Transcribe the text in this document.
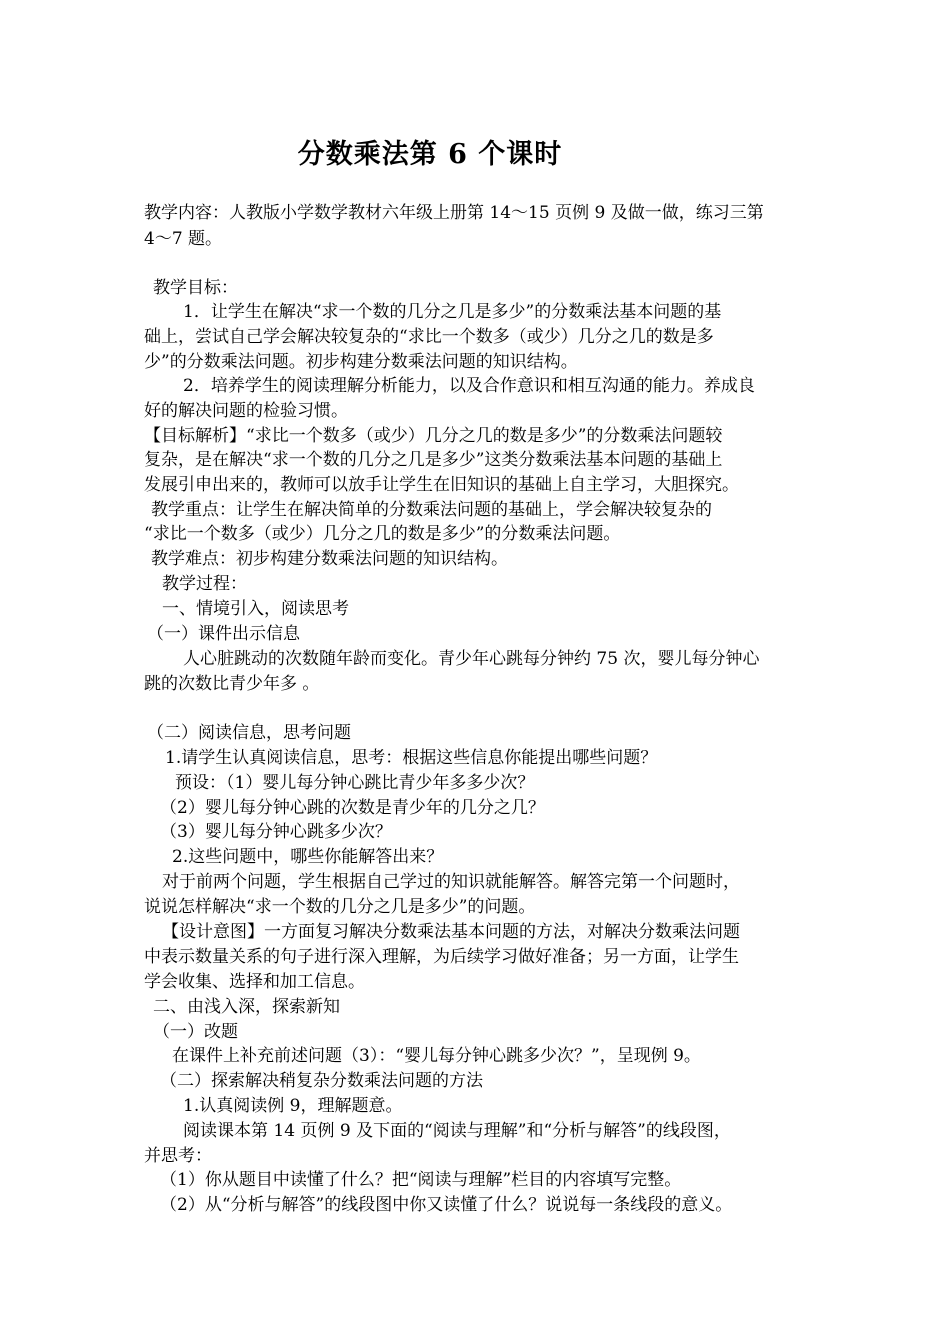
分数乘法第 6 个课时
教学内容：人教版小学数学教材六年级上册第 14～15 页例 9 及做一做，练习三第
4～7 题。
教学目标：
1．让学生在解决“求一个数的几分之几是多少”的分数乘法基本问题的基
础上，尝试自己学会解决较复杂的“求比一个数多（或少）几分之几的数是多
少”的分数乘法问题。初步构建分数乘法问题的知识结构。
2．培养学生的阅读理解分析能力，以及合作意识和相互沟通的能力。养成良
好的解决问题的检验习惯。
【目标解析】“求比一个数多（或少）几分之几的数是多少”的分数乘法问题较
复杂，是在解决“求一个数的几分之几是多少”这类分数乘法基本问题的基础上
发展引申出来的，教师可以放手让学生在旧知识的基础上自主学习，大胆探究。
教学重点：让学生在解决简单的分数乘法问题的基础上，学会解决较复杂的
“求比一个数多（或少）几分之几的数是多少”的分数乘法问题。
教学难点：初步构建分数乘法问题的知识结构。
教学过程：
一、情境引入，阅读思考
（一）课件出示信息
人心脏跳动的次数随年龄而变化。青少年心跳每分钟约 75 次，婴儿每分钟心
跳的次数比青少年多 。
（二）阅读信息，思考问题
1.请学生认真阅读信息，思考：根据这些信息你能提出哪些问题？
预设：（1）婴儿每分钟心跳比青少年多多少次？
（2）婴儿每分钟心跳的次数是青少年的几分之几？
（3）婴儿每分钟心跳多少次？
2.这些问题中，哪些你能解答出来？
对于前两个问题，学生根据自己学过的知识就能解答。解答完第一个问题时，
说说怎样解决“求一个数的几分之几是多少”的问题。
【设计意图】一方面复习解决分数乘法基本问题的方法，对解决分数乘法问题
中表示数量关系的句子进行深入理解，为后续学习做好准备；另一方面，让学生
学会收集、选择和加工信息。
二、由浅入深，探索新知
（一）改题
在课件上补充前述问题（3）：“婴儿每分钟心跳多少次？”，呈现例 9。
（二）探索解决稍复杂分数乘法问题的方法
1.认真阅读例 9，理解题意。
阅读课本第 14 页例 9 及下面的“阅读与理解”和“分析与解答”的线段图，
并思考：
（1）你从题目中读懂了什么？把“阅读与理解”栏目的内容填写完整。
（2）从“分析与解答”的线段图中你又读懂了什么？说说每一条线段的意义。
